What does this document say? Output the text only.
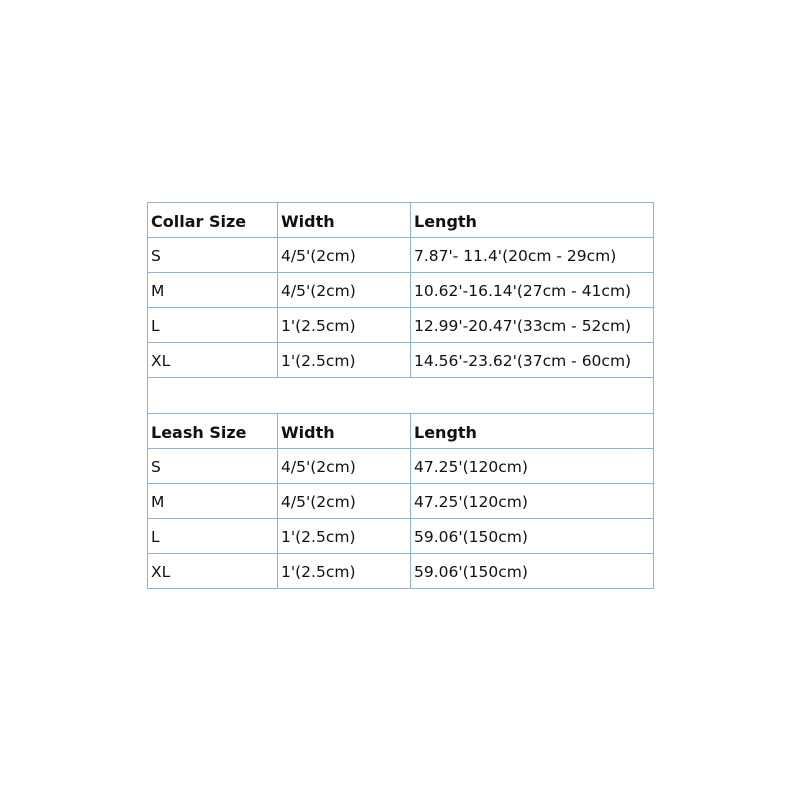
Collar Size	Width	Length
S	4/5'(2cm)	7.87'- 11.4'(20cm - 29cm)
M	4/5'(2cm)	10.62'-16.14'(27cm - 41cm)
L	1'(2.5cm)	12.99'-20.47'(33cm - 52cm)
XL	1'(2.5cm)	14.56'-23.62'(37cm - 60cm)

Leash Size	Width	Length
S	4/5'(2cm)	47.25'(120cm)
M	4/5'(2cm)	47.25'(120cm)
L	1'(2.5cm)	59.06'(150cm)
XL	1'(2.5cm)	59.06'(150cm)
